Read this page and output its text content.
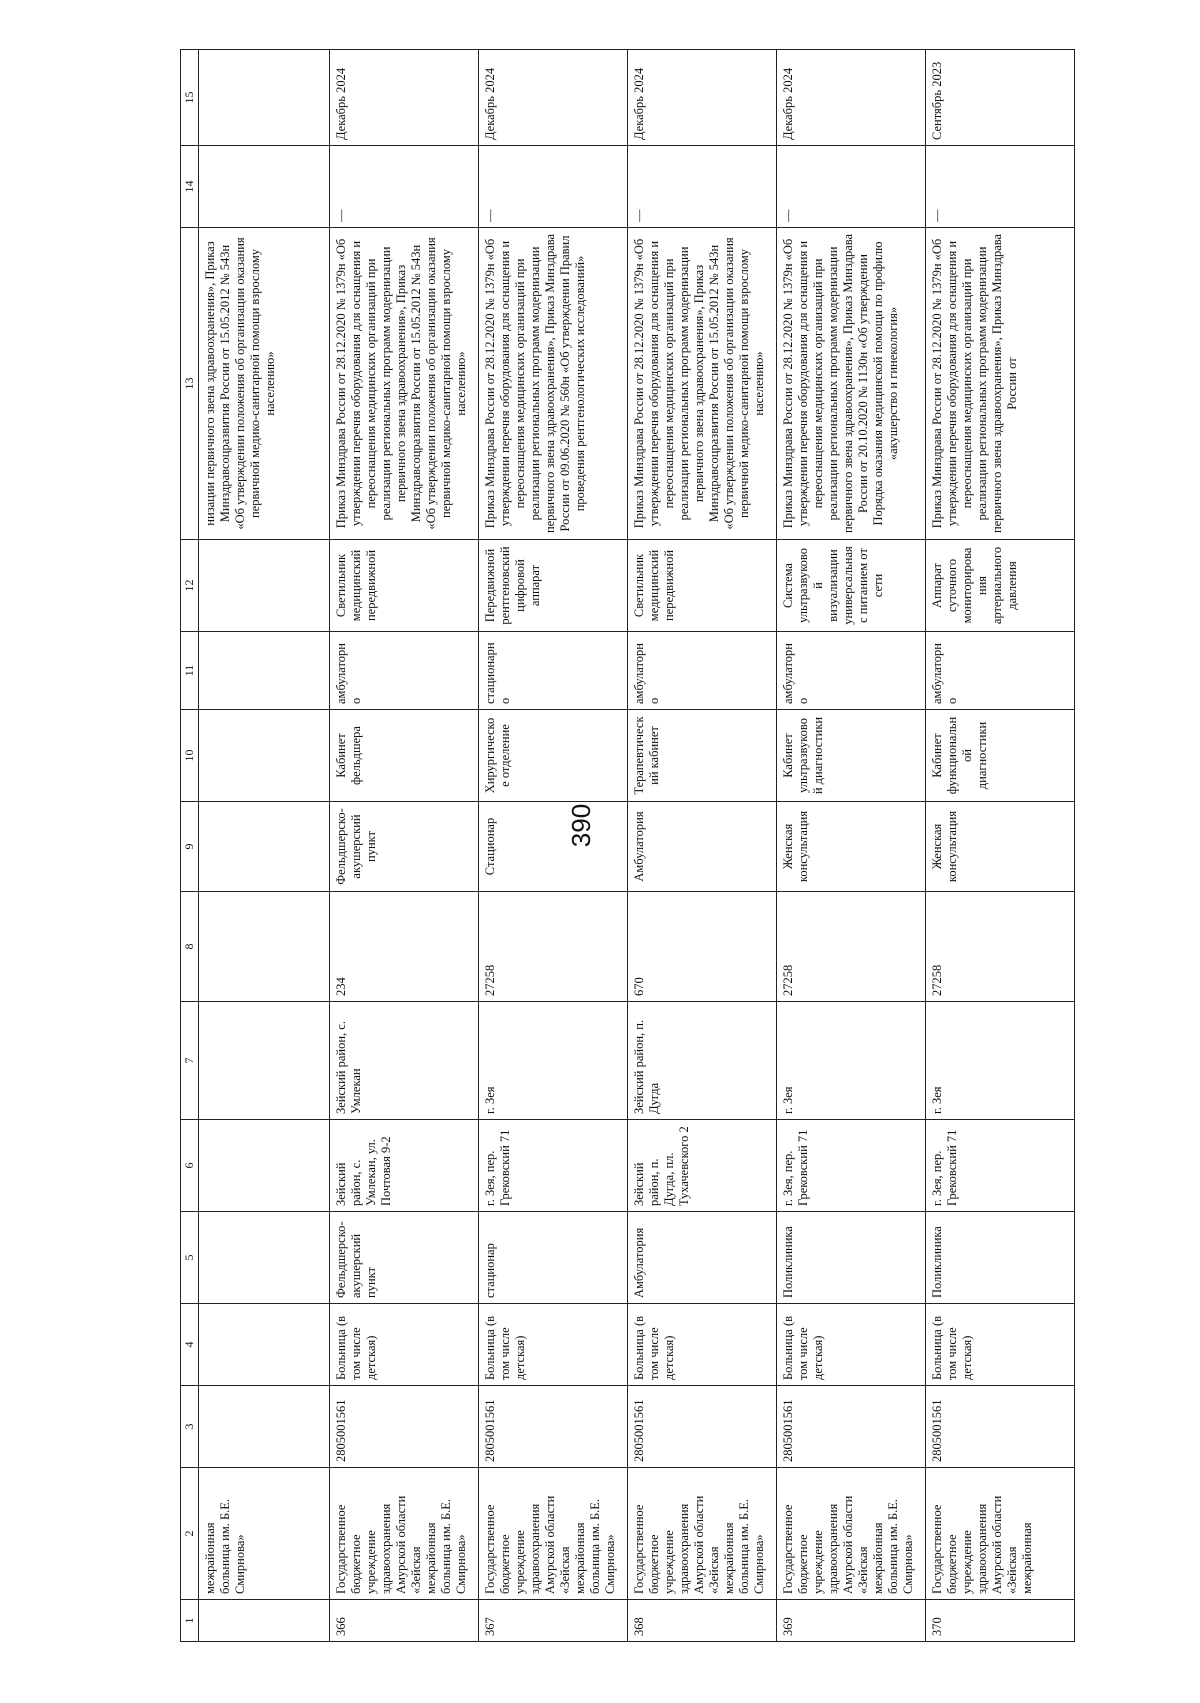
390
1	2	3	4	5	6	7	8	9	10	11	12	13	14	15
	межрайонная больница им. Б.Е. Смирнова»											низации первичного звена здравоохранения», Приказ Минздравсоцразвития России от 15.05.2012 № 543н «Об утверждении положения об организации оказания первичной медико-санитарной помощи взрослому населению»		
366	Государственное бюджетное учреждение здравоохранения Амурской области «Зейская межрайонная больница им. Б.Е. Смирнова»	2805001561	Больница (в том числе детская)	Фельдшерско-акушерский пункт	Зейский район, с. Умлекан, ул. Почтовая 9-2	Зейский район, с. Умлекан	234	Фельдшерско-акушерский пункт	Кабинет фельдшера	амбулаторно	Светильник медицинский передвижной	Приказ Минздрава России от 28.12.2020 № 1379н «Об утверждении перечня оборудования для оснащения и переоснащения медицинских организаций при реализации региональных программ модернизации первичного звена здравоохранения», Приказ Минздравсоцразвития России от 15.05.2012 № 543н «Об утверждении положения об организации оказания первичной медико-санитарной помощи взрослому населению»	—	Декабрь 2024
367	Государственное бюджетное учреждение здравоохранения Амурской области «Зейская межрайонная больница им. Б.Е. Смирнова»	2805001561	Больница (в том числе детская)	стационар	г. Зея, пер. Грековский 71	г. Зея	27258	Стационар	Хирургическое отделение	стационарно	Передвижной рентгеновский цифровой аппарат	Приказ Минздрава России от 28.12.2020 № 1379н «Об утверждении перечня оборудования для оснащения и переоснащения медицинских организаций при реализации региональных программ модернизации первичного звена здравоохранения», Приказ Минздрава России от 09.06.2020 № 560н «Об утверждении Правил проведения рентгенологических исследований»	—	Декабрь 2024
368	Государственное бюджетное учреждение здравоохранения Амурской области «Зейская межрайонная больница им. Б.Е. Смирнова»	2805001561	Больница (в том числе детская)	Амбулатория	Зейский район, п. Дугда, пл. Тухачевского 2	Зейский район, п. Дугда	670	Амбулатория	Терапевтический кабинет	амбулаторно	Светильник медицинский передвижной	Приказ Минздрава России от 28.12.2020 № 1379н «Об утверждении перечня оборудования для оснащения и переоснащения медицинских организаций при реализации региональных программ модернизации первичного звена здравоохранения», Приказ Минздравсоцразвития России от 15.05.2012 № 543н «Об утверждении положения об организации оказания первичной медико-санитарной помощи взрослому населению»	—	Декабрь 2024
369	Государственное бюджетное учреждение здравоохранения Амурской области «Зейская межрайонная больница им. Б.Е. Смирнова»	2805001561	Больница (в том числе детская)	Поликлиника	г. Зея, пер. Грековский 71	г. Зея	27258	Женская консультация	Кабинет ультразвуковой диагностики	амбулаторно	Система ультразвуковой визуализации универсальная с питанием от сети	Приказ Минздрава России от 28.12.2020 № 1379н «Об утверждении перечня оборудования для оснащения и переоснащения медицинских организаций при реализации региональных программ модернизации первичного звена здравоохранения», Приказ Минздрава России от 20.10.2020 № 1130н «Об утверждении Порядка оказания медицинской помощи по профилю «акушерство и гинекология»	—	Декабрь 2024
370	Государственное бюджетное учреждение здравоохранения Амурской области «Зейская межрайонная	2805001561	Больница (в том числе детская)	Поликлиника	г. Зея, пер. Грековский 71	г. Зея	27258	Женская консультация	Кабинет функциональной диагностики	амбулаторно	Аппарат суточного мониторирования артериального давления	Приказ Минздрава России от 28.12.2020 № 1379н «Об утверждении перечня оборудования для оснащения и переоснащения медицинских организаций при реализации региональных программ модернизации первичного звена здравоохранения», Приказ Минздрава России от	—	Сентябрь 2023
